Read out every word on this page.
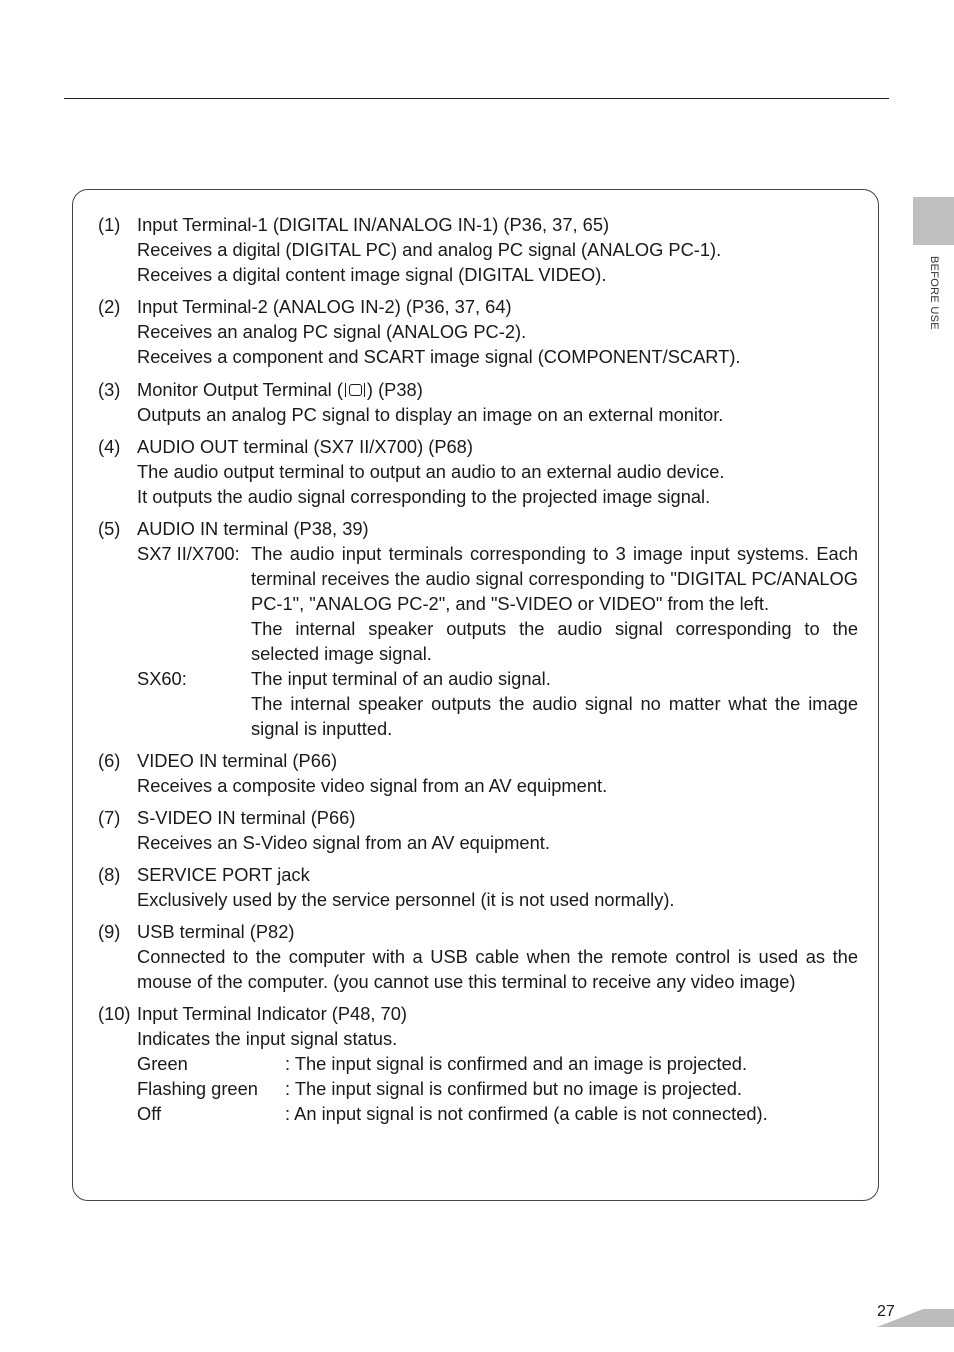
BEFORE USE
(1) Input Terminal-1 (DIGITAL IN/ANALOG IN-1) (P36, 37, 65)
Receives a digital (DIGITAL PC) and analog PC signal (ANALOG PC-1).
Receives a digital content image signal (DIGITAL VIDEO).
(2) Input Terminal-2 (ANALOG IN-2) (P36, 37, 64)
Receives an analog PC signal (ANALOG PC-2).
Receives a component and SCART image signal (COMPONENT/SCART).
(3) Monitor Output Terminal ( ) (P38)
Outputs an analog PC signal to display an image on an external monitor.
(4) AUDIO OUT terminal (SX7 II/X700) (P68)
The audio output terminal to output an audio to an external audio device.
It outputs the audio signal corresponding to the projected image signal.
(5) AUDIO IN terminal (P38, 39)
SX7 II/X700: The audio input terminals corresponding to 3 image input systems. Each terminal receives the audio signal corresponding to "DIGITAL PC/ANALOG PC-1", "ANALOG PC-2", and "S-VIDEO or VIDEO" from the left.
The internal speaker outputs the audio signal corresponding to the selected image signal.
SX60:	The input terminal of an audio signal.
The internal speaker outputs the audio signal no matter what the image signal is inputted.
(6) VIDEO IN terminal (P66)
Receives a composite video signal from an AV equipment.
(7) S-VIDEO IN terminal (P66)
Receives an S-Video signal from an AV equipment.
(8) SERVICE PORT jack
Exclusively used by the service personnel (it is not used normally).
(9) USB terminal (P82)
Connected to the computer with a USB cable when the remote control is used as the mouse of the computer. (you cannot use this terminal to receive any video image)
(10) Input Terminal Indicator (P48, 70)
Indicates the input signal status.
Green	: The input signal is confirmed and an image is projected.
Flashing green	: The input signal is confirmed but no image is projected.
Off	: An input signal is not confirmed (a cable is not connected).
27
